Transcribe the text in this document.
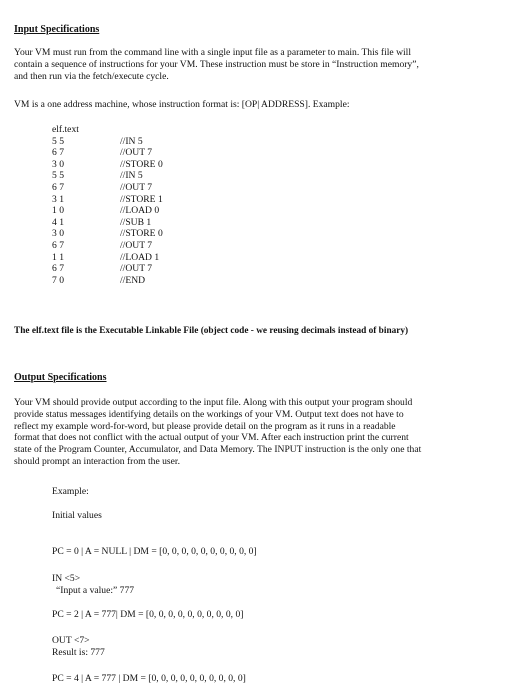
Input Specifications
Your VM must run from the command line with a single input file as a parameter to main. This file will
contain a sequence of instructions for your VM. These instruction must be store in “Instruction memory”,
and then run via the fetch/execute cycle.
VM is a one address machine, whose instruction format is: [OP| ADDRESS]. Example:
elf.text
5 5	//IN 5
6 7	//OUT 7
3 0	//STORE 0
5 5	//IN 5
6 7	//OUT 7
3 1	//STORE 1
1 0	//LOAD 0
4 1	//SUB 1
3 0	//STORE 0
6 7	//OUT 7
1 1	//LOAD 1
6 7	//OUT 7
7 0	//END
The elf.text file is the Executable Linkable File (object code - we reusing decimals instead of binary)
Output Specifications
Your VM should provide output according to the input file. Along with this output your program should
provide status messages identifying details on the workings of your VM. Output text does not have to
reflect my example word-for-word, but please provide detail on the program as it runs in a readable
format that does not conflict with the actual output of your VM. After each instruction print the current
state of the Program Counter, Accumulator, and Data Memory. The INPUT instruction is the only one that
should prompt an interaction from the user.
Example:
Initial values
PC = 0 | A = NULL | DM = [0, 0, 0, 0, 0, 0, 0, 0, 0, 0]
IN <5>
“Input a value:” 777
PC = 2 | A = 777| DM = [0, 0, 0, 0, 0, 0, 0, 0, 0, 0]
OUT <7>
Result is: 777
PC = 4 | A = 777 | DM = [0, 0, 0, 0, 0, 0, 0, 0, 0, 0]
